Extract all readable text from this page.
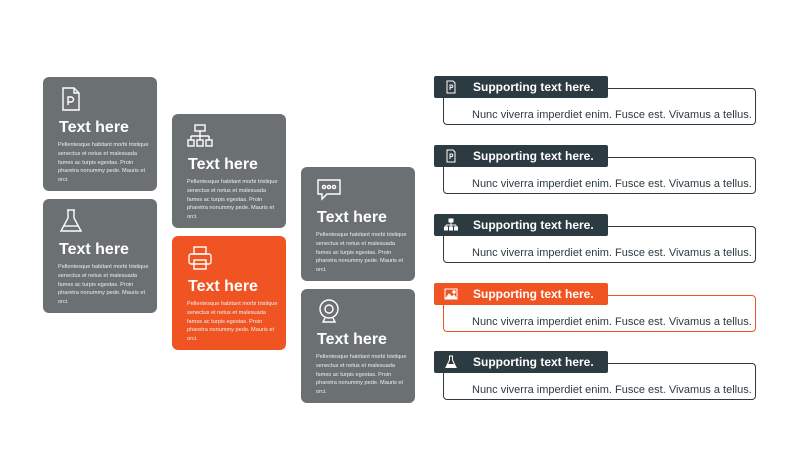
Text here
Pellentesque habitant morbi tristique senectus et netus et malesuada fames ac turpis egestas. Proin pharetra nonummy pede. Mauris et orci.
Text here
Pellentesque habitant morbi tristique senectus et netus et malesuada fames ac turpis egestas. Proin pharetra nonummy pede. Mauris et orci.
Text here
Pellentesque habitant morbi tristique senectus et netus et malesuada fames ac turpis egestas. Proin pharetra nonummy pede. Mauris et orci.
Text here
Pellentesque habitant morbi tristique senectus et netus et malesuada fames ac turpis egestas. Proin pharetra nonummy pede. Mauris et orci.
Text here
Pellentesque habitant morbi tristique senectus et netus et malesuada fames ac turpis egestas. Proin pharetra nonummy pede. Mauris et orci.
Text here
Pellentesque habitant morbi tristique senectus et netus et malesuada fames ac turpis egestas. Proin pharetra nonummy pede. Mauris et orci.
Supporting text here.
Nunc viverra imperdiet enim. Fusce est. Vivamus a tellus.
Supporting text here.
Nunc viverra imperdiet enim. Fusce est. Vivamus a tellus.
Supporting text here.
Nunc viverra imperdiet enim. Fusce est. Vivamus a tellus.
Supporting text here.
Nunc viverra imperdiet enim. Fusce est. Vivamus a tellus.
Supporting text here.
Nunc viverra imperdiet enim. Fusce est. Vivamus a tellus.
